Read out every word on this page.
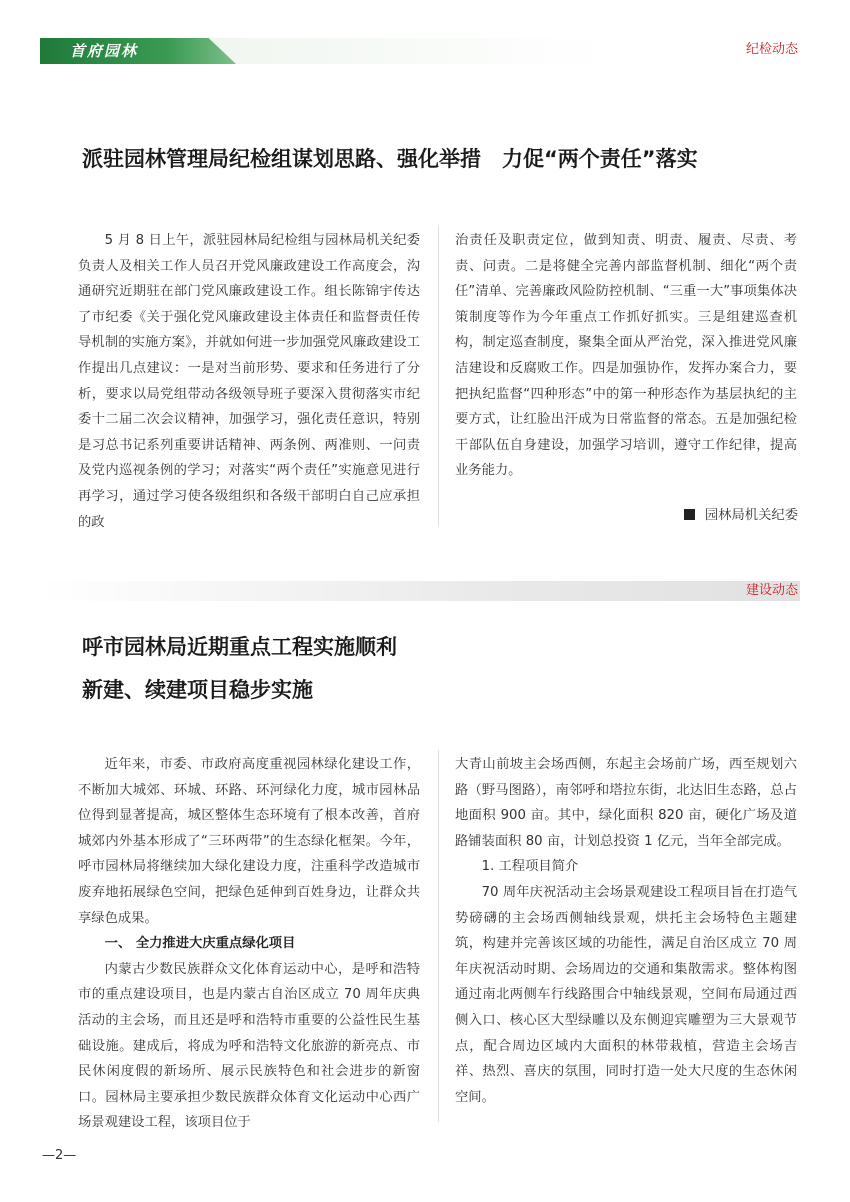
首府园林	纪检动态
派驻园林管理局纪检组谋划思路、强化举措　力促“两个责任”落实

5 月 8 日上午，派驻园林局纪检组与园林局机关纪委负责人及相关工作人员召开党风廉政建设工作高度会，沟通研究近期驻在部门党风廉政建设工作。组长陈锦宇传达了市纪委《关于强化党风廉政建设主体责任和监督责任传导机制的实施方案》，并就如何进一步加强党风廉政建设工作提出几点建议：一是对当前形势、要求和任务进行了分析，要求以局党组带动各级领导班子要深入贯彻落实市纪委十二届二次会议精神，加强学习，强化责任意识，特别是习总书记系列重要讲话精神、两条例、两准则、一问责及党内巡视条例的学习；对落实“两个责任”实施意见进行再学习，通过学习使各级组织和各级干部明白自己应承担的政

治责任及职责定位，做到知责、明责、履责、尽责、考责、问责。二是将健全完善内部监督机制、细化“两个责任”清单、完善廉政风险防控机制、“三重一大”事项集体决策制度等作为今年重点工作抓好抓实。三是组建巡查机构，制定巡查制度，聚集全面从严治党，深入推进党风廉洁建设和反腐败工作。四是加强协作，发挥办案合力，要把执纪监督“四种形态”中的第一种形态作为基层执纪的主要方式，让红脸出汗成为日常监督的常态。五是加强纪检干部队伍自身建设，加强学习培训，遵守工作纪律，提高业务能力。

园林局机关纪委
建设动态
呼市园林局近期重点工程实施顺利
新建、续建项目稳步实施

近年来，市委、市政府高度重视园林绿化建设工作，不断加大城郊、环城、环路、环河绿化力度，城市园林品位得到显著提高，城区整体生态环境有了根本改善，首府城郊内外基本形成了“三环两带”的生态绿化框架。今年，呼市园林局将继续加大绿化建设力度，注重科学改造城市废弃地拓展绿色空间，把绿色延伸到百姓身边，让群众共享绿色成果。

一、 全力推进大庆重点绿化项目

内蒙古少数民族群众文化体育运动中心，是呼和浩特市的重点建设项目，也是内蒙古自治区成立 70 周年庆典活动的主会场，而且还是呼和浩特市重要的公益性民生基础设施。建成后，将成为呼和浩特文化旅游的新亮点、市民休闲度假的新场所、展示民族特色和社会进步的新窗口。园林局主要承担少数民族群众体育文化运动中心西广场景观建设工程，该项目位于

大青山前坡主会场西侧，东起主会场前广场，西至规划六路（野马图路），南邻呼和塔拉东街，北达旧生态路，总占地面积 900 亩。其中，绿化面积 820 亩，硬化广场及道路铺装面积 80 亩，计划总投资 1 亿元，当年全部完成。

1. 工程项目简介

70 周年庆祝活动主会场景观建设工程项目旨在打造气势磅礴的主会场西侧轴线景观，烘托主会场特色主题建筑，构建并完善该区域的功能性，满足自治区成立 70 周年庆祝活动时期、会场周边的交通和集散需求。整体构图通过南北两侧车行线路围合中轴线景观，空间布局通过西侧入口、核心区大型绿雕以及东侧迎宾雕塑为三大景观节点，配合周边区域内大面积的林带栽植，营造主会场吉祥、热烈、喜庆的氛围，同时打造一处大尺度的生态休闲空间。

—2—
